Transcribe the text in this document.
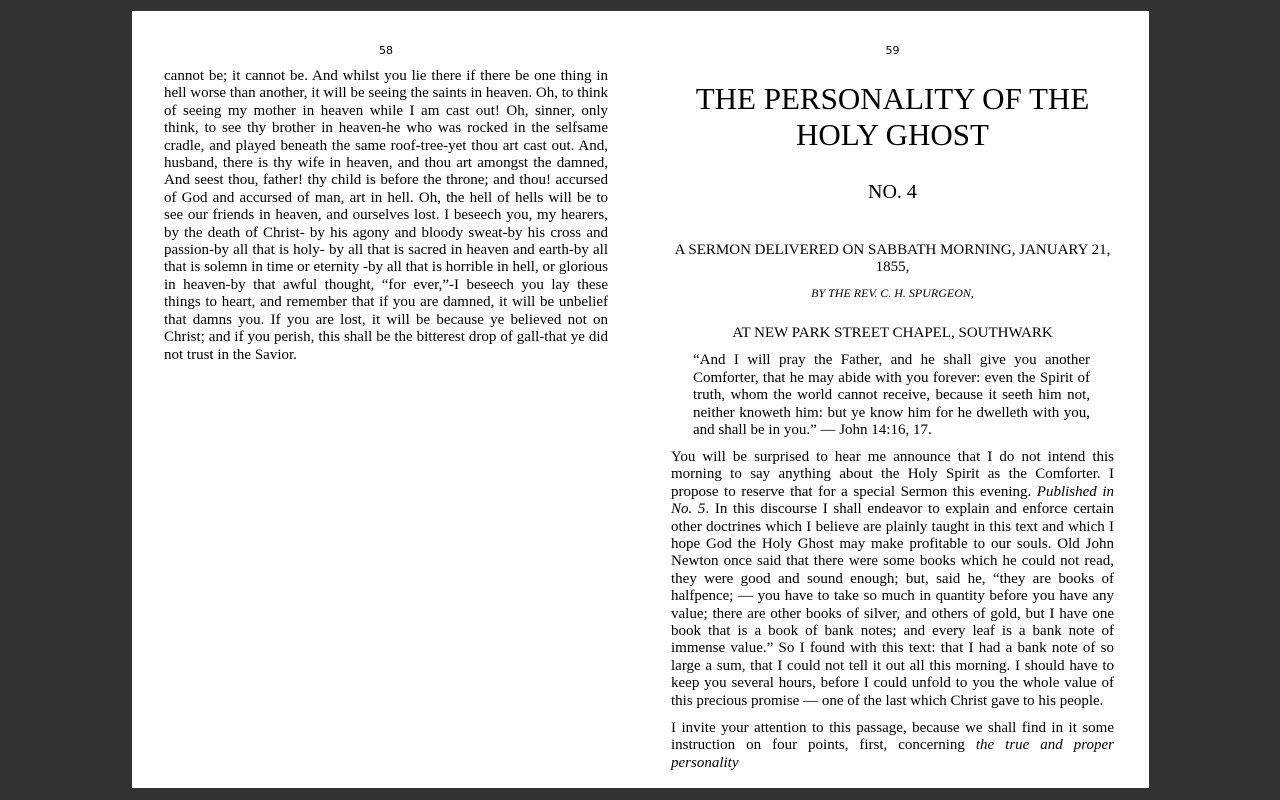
58

cannot be; it cannot be. And whilst you lie there if there be one thing in hell worse than another, it will be seeing the saints in heaven. Oh, to think of seeing my mother in heaven while I am cast out! Oh, sinner, only think, to see thy brother in heaven-he who was rocked in the selfsame cradle, and played beneath the same roof-tree-yet thou art cast out. And, husband, there is thy wife in heaven, and thou art amongst the damned, And seest thou, father! thy child is before the throne; and thou! accursed of God and accursed of man, art in hell. Oh, the hell of hells will be to see our friends in heaven, and ourselves lost. I beseech you, my hearers, by the death of Christ- by his agony and bloody sweat-by his cross and passion-by all that is holy- by all that is sacred in heaven and earth-by all that is solemn in time or eternity -by all that is horrible in hell, or glorious in heaven-by that awful thought, “for ever,”-I beseech you lay these things to heart, and remember that if you are damned, it will be unbelief that damns you. If you are lost, it will be because ye believed not on Christ; and if you perish, this shall be the bitterest drop of gall-that ye did not trust in the Savior.

59
THE PERSONALITY OF THE HOLY GHOST

NO. 4

A SERMON DELIVERED ON SABBATH MORNING, JANUARY 21, 1855,

BY THE REV. C. H. SPURGEON,

AT NEW PARK STREET CHAPEL, SOUTHWARK

“And I will pray the Father, and he shall give you another Comforter, that he may abide with you forever: even the Spirit of truth, whom the world cannot receive, because it seeth him not, neither knoweth him: but ye know him for he dwelleth with you, and shall be in you.” — John 14:16, 17.

You will be surprised to hear me announce that I do not intend this morning to say anything about the Holy Spirit as the Comforter. I propose to reserve that for a special Sermon this evening. Published in No. 5. In this discourse I shall endeavor to explain and enforce certain other doctrines which I believe are plainly taught in this text and which I hope God the Holy Ghost may make profitable to our souls. Old John Newton once said that there were some books which he could not read, they were good and sound enough; but, said he, “they are books of halfpence; — you have to take so much in quantity before you have any value; there are other books of silver, and others of gold, but I have one book that is a book of bank notes; and every leaf is a bank note of immense value.” So I found with this text: that I had a bank note of so large a sum, that I could not tell it out all this morning. I should have to keep you several hours, before I could unfold to you the whole value of this precious promise — one of the last which Christ gave to his people.

I invite your attention to this passage, because we shall find in it some instruction on four points, first, concerning the true and proper personality
